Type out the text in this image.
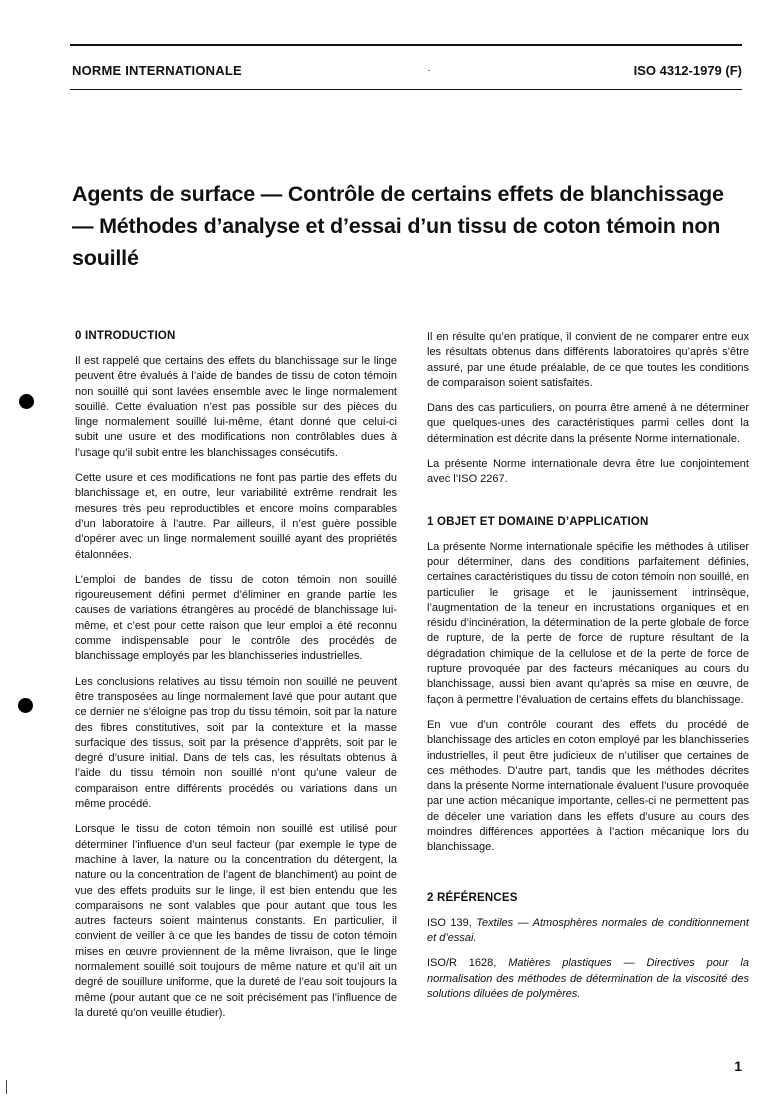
NORME INTERNATIONALE	ISO 4312-1979 (F)
Agents de surface — Contrôle de certains effets de blanchissage — Méthodes d’analyse et d’essai d’un tissu de coton témoin non souillé
0 INTRODUCTION

Il est rappelé que certains des effets du blanchissage sur le linge peuvent être évalués à l’aide de bandes de tissu de coton témoin non souillé qui sont lavées ensemble avec le linge normalement souillé. Cette évaluation n’est pas possible sur des pièces du linge normalement souillé lui-même, étant donné que celui-ci subit une usure et des modifications non contrôlables dues à l’usage qu’il subit entre les blanchissages consécutifs.

Cette usure et ces modifications ne font pas partie des effets du blanchissage et, en outre, leur variabilité extrême rendrait les mesures très peu reproductibles et encore moins comparables d’un laboratoire à l’autre. Par ailleurs, il n’est guère possible d’opérer avec un linge normalement souillé ayant des propriétés étalonnées.

L’emploi de bandes de tissu de coton témoin non souillé rigoureusement défini permet d’éliminer en grande partie les causes de variations étrangères au procédé de blanchissage lui-même, et c’est pour cette raison que leur emploi a été reconnu comme indispensable pour le contrôle des procédés de blanchissage employés par les blanchisseries industrielles.

Les conclusions relatives au tissu témoin non souillé ne peuvent être transposées au linge normalement lavé que pour autant que ce dernier ne s’éloigne pas trop du tissu témoin, soit par la nature des fibres constitutives, soit par la contexture et la masse surfacique des tissus, soit par la présence d’apprêts, soit par le degré d’usure initial. Dans de tels cas, les résultats obtenus à l’aide du tissu témoin non souillé n’ont qu’une valeur de comparaison entre différents procédés ou variations dans un même procédé.

Lorsque le tissu de coton témoin non souillé est utilisé pour déterminer l’influence d’un seul facteur (par exemple le type de machine à laver, la nature ou la concentration du détergent, la nature ou la concentration de l’agent de blanchiment) au point de vue des effets produits sur le linge, il est bien entendu que les comparaisons ne sont valables que pour autant que tous les autres facteurs soient maintenus constants. En particulier, il convient de veiller à ce que les bandes de tissu de coton témoin mises en œuvre proviennent de la même livraison, que le linge normalement souillé soit toujours de même nature et qu’il ait un degré de souillure uniforme, que la dureté de l’eau soit toujours la même (pour autant que ce ne soit précisément pas l’influence de la dureté qu’on veuille étudier).

Il en résulte qu’en pratique, il convient de ne comparer entre eux les résultats obtenus dans différents laboratoires qu’après s’être assuré, par une étude préalable, de ce que toutes les conditions de comparaison soient satisfaites.

Dans des cas particuliers, on pourra être amené à ne déterminer que quelques-unes des caractéristiques parmi celles dont la détermination est décrite dans la présente Norme internationale.

La présente Norme internationale devra être lue conjointement avec l’ISO 2267.

1 OBJET ET DOMAINE D’APPLICATION

La présente Norme internationale spécifie les méthodes à utiliser pour déterminer, dans des conditions parfaitement définies, certaines caractéristiques du tissu de coton témoin non souillé, en particulier le grisage et le jaunissement intrinsèque, l’augmentation de la teneur en incrustations organiques et en résidu d’incinération, la détermination de la perte globale de force de rupture, de la perte de force de rupture résultant de la dégradation chimique de la cellulose et de la perte de force de rupture provoquée par des facteurs mécaniques au cours du blanchissage, aussi bien avant qu’après sa mise en œuvre, de façon à permettre l’évaluation de certains effets du blanchissage.

En vue d’un contrôle courant des effets du procédé de blanchissage des articles en coton employé par les blanchisseries industrielles, il peut être judicieux de n’utiliser que certaines de ces méthodes. D’autre part, tandis que les méthodes décrites dans la présente Norme internationale évaluent l’usure provoquée par une action mécanique importante, celles-ci ne permettent pas de déceler une variation dans les effets d’usure au cours des moindres différences apportées à l’action mécanique lors du blanchissage.

2 RÉFÉRENCES

ISO 139, Textiles — Atmosphères normales de conditionnement et d’essai.

ISO/R 1628, Matières plastiques — Directives pour la normalisation des méthodes de détermination de la viscosité des solutions diluées de polymères.

1
